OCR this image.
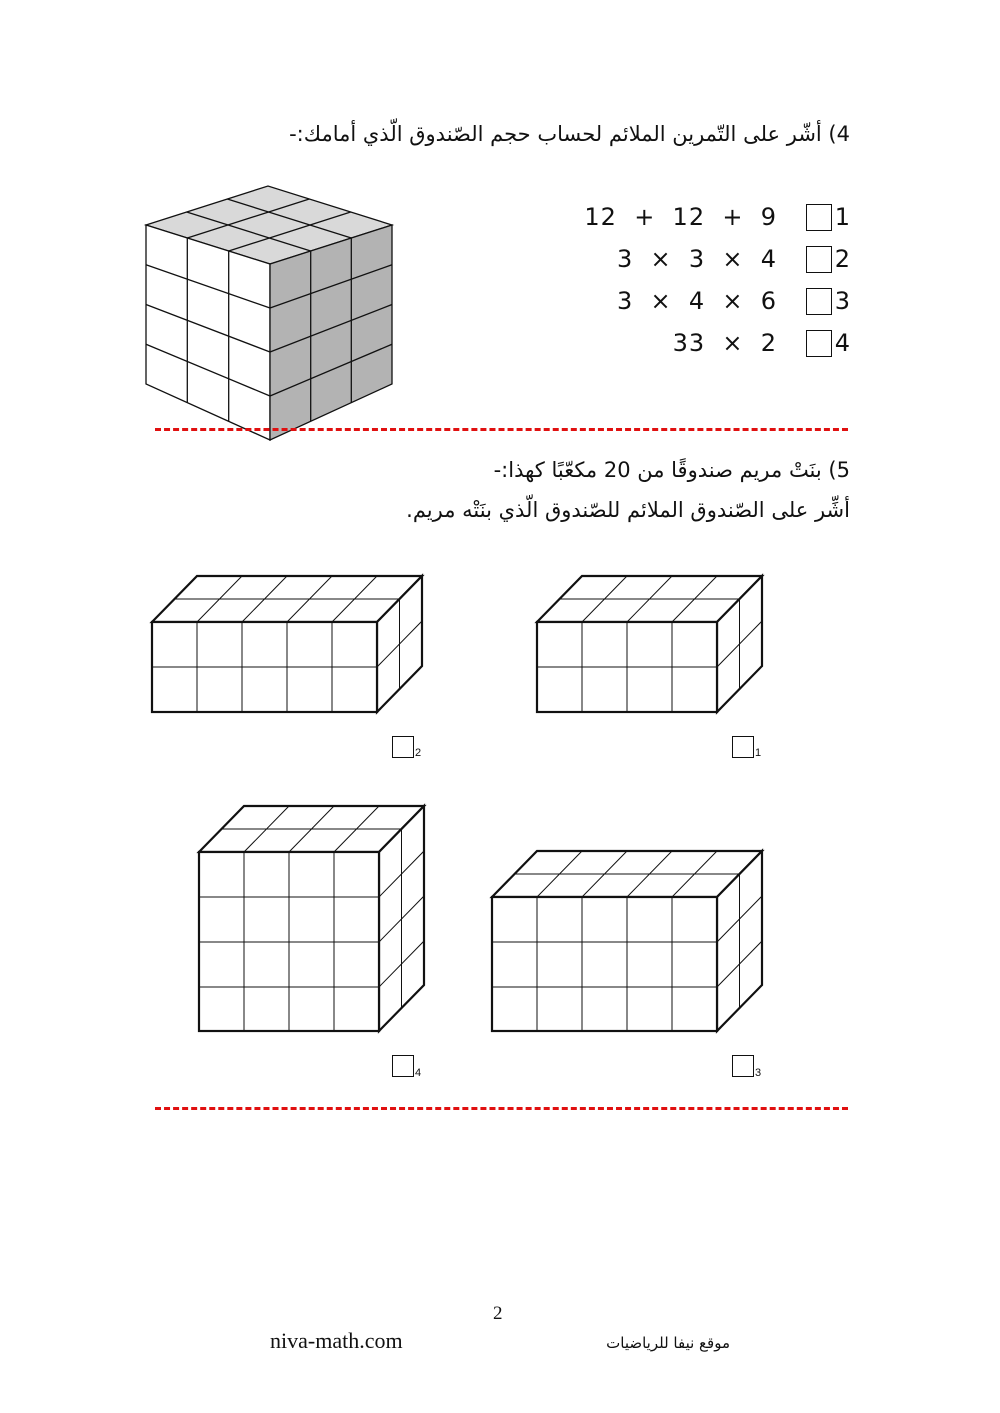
4) أشّر على التّمرين الملائم لحساب حجم الصّندوق الّذي أمامك:-
12  +  12  +  9 1
3  ×  3  ×  4 2
3  ×  4  ×  6 3
33  ×  2 4
5) بنَتْ مريم صندوقًا من 20 مكعّبًا كهذا:-
أشِّر على الصّندوق الملائم للصّندوق الّذي بنَتْه مريم.
2	1
4	3
2
niva-math.com	موقع نيفا للرياضيات
